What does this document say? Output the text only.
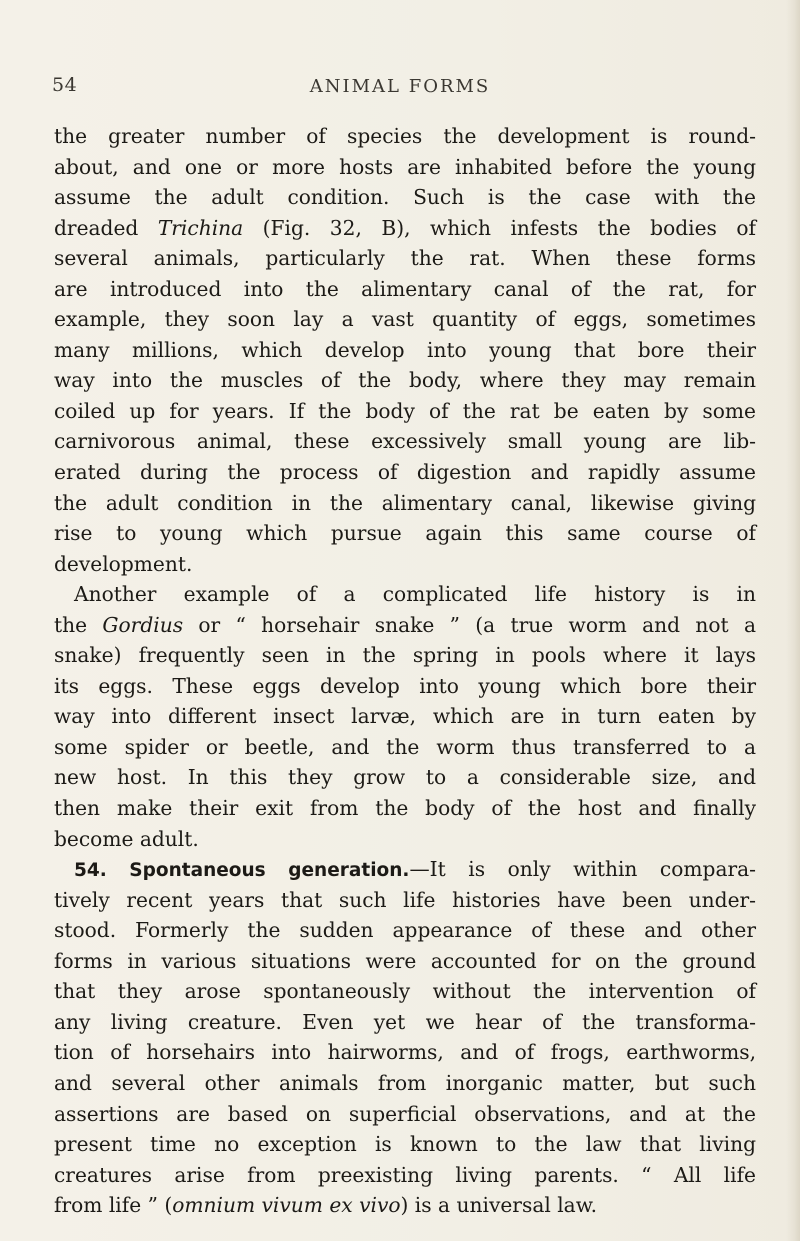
54	ANIMAL FORMS
the greater number of species the development is round-
about, and one or more hosts are inhabited before the young
assume the adult condition. Such is the case with the
dreaded Trichina (Fig. 32, B), which infests the bodies of
several animals, particularly the rat. When these forms
are introduced into the alimentary canal of the rat, for
example, they soon lay a vast quantity of eggs, sometimes
many millions, which develop into young that bore their
way into the muscles of the body, where they may remain
coiled up for years. If the body of the rat be eaten by some
carnivorous animal, these excessively small young are lib-
erated during the process of digestion and rapidly assume
the adult condition in the alimentary canal, likewise giving
rise to young which pursue again this same course of
development.
Another example of a complicated life history is in
the Gordius or “ horsehair snake ” (a true worm and not a
snake) frequently seen in the spring in pools where it lays
its eggs. These eggs develop into young which bore their
way into different insect larvæ, which are in turn eaten by
some spider or beetle, and the worm thus transferred to a
new host. In this they grow to a considerable size, and
then make their exit from the body of the host and finally
become adult.
54. Spontaneous generation.—It is only within compara-
tively recent years that such life histories have been under-
stood. Formerly the sudden appearance of these and other
forms in various situations were accounted for on the ground
that they arose spontaneously without the intervention of
any living creature. Even yet we hear of the transforma-
tion of horsehairs into hairworms, and of frogs, earthworms,
and several other animals from inorganic matter, but such
assertions are based on superficial observations, and at the
present time no exception is known to the law that living
creatures arise from preexisting living parents. “ All life
from life ” (omnium vivum ex vivo) is a universal law.
